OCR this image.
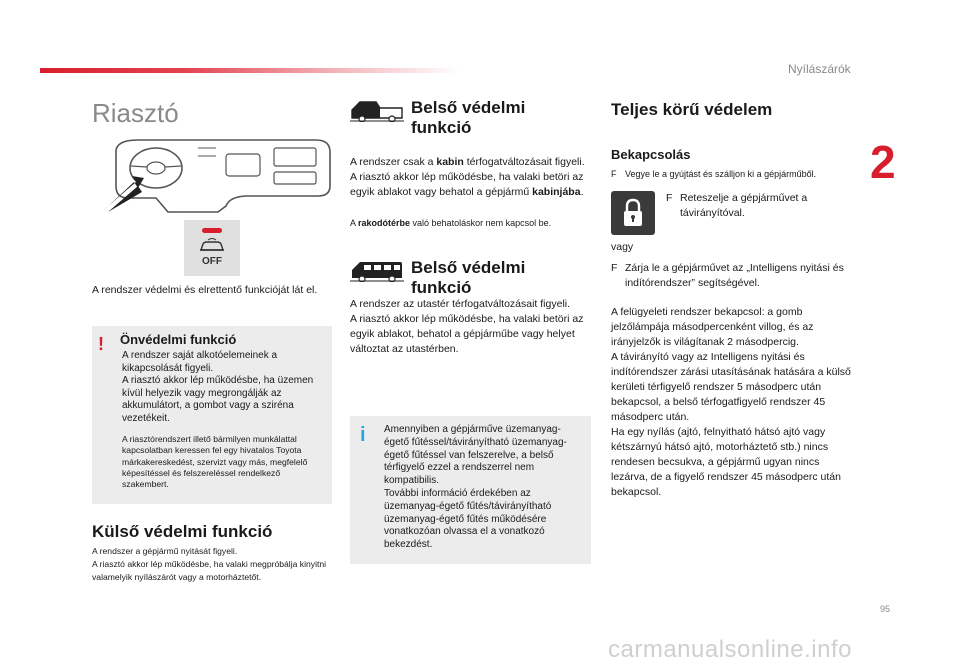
Nyílászárók
2
95
carmanualsonline.info
Riasztó
OFF
A rendszer védelmi és elrettentő funkcióját lát el.
! Önvédelmi funkció
A rendszer saját alkotóelemeinek a kikapcsolását figyeli.
A riasztó akkor lép működésbe, ha üzemen kívül helyezik vagy megrongálják az akkumulátort, a gombot vagy a sziréna vezetékeit.
A riasztórendszert illető bármilyen munkálattal kapcsolatban keressen fel egy hivatalos Toyota márkakereskedést, szervizt vagy más, megfelelő képesítéssel és felszereléssel rendelkező szakembert.
Külső védelmi funkció
A rendszer a gépjármű nyitását figyeli.
A riasztó akkor lép működésbe, ha valaki megpróbálja kinyitni valamelyik nyílászárót vagy a motorháztetőt.
Belső védelmi funkció

A rendszer csak a kabin térfogatváltozásait figyeli.
A riasztó akkor lép működésbe, ha valaki betöri az egyik ablakot vagy behatol a gépjármű kabinjába.

A rakodótérbe való behatoláskor nem kapcsol be.
Belső védelmi funkció
A rendszer az utastér térfogatváltozásait figyeli.
A riasztó akkor lép működésbe, ha valaki betöri az egyik ablakot, behatol a gépjárműbe vagy helyet változtat az utastérben.
i Amennyiben a gépjárműve üzemanyag-égető fűtéssel/távirányítható üzemanyag-égető fűtéssel van felszerelve, a belső térfigyelő ezzel a rendszerrel nem kompatibilis.
További információ érdekében az üzemanyag-égető fűtés/távirányítható üzemanyag-égető fűtés működésére vonatkozóan olvassa el a vonatkozó bekezdést.
Teljes körű védelem
Bekapcsolás
F Vegye le a gyújtást és szálljon ki a gépjárműből.
F Reteszelje a gépjárművet a távirányítóval.
vagy
F Zárja le a gépjárművet az „Intelligens nyitási és indítórendszer” segítségével.
A felügyeleti rendszer bekapcsol: a gomb jelzőlámpája másodpercenként villog, és az irányjelzők is világítanak 2 másodpercig.
A távirányító vagy az Intelligens nyitási és indítórendszer zárási utasításának hatására a külső kerületi térfigyelő rendszer 5 másodperc után bekapcsol, a belső térfogatfigyelő rendszer 45 másodperc után.
Ha egy nyílás (ajtó, felnyitható hátsó ajtó vagy kétszárnyú hátsó ajtó, motorháztető stb.) nincs rendesen becsukva, a gépjármű ugyan nincs lezárva, de a figyelő rendszer 45 másodperc után bekapcsol.
